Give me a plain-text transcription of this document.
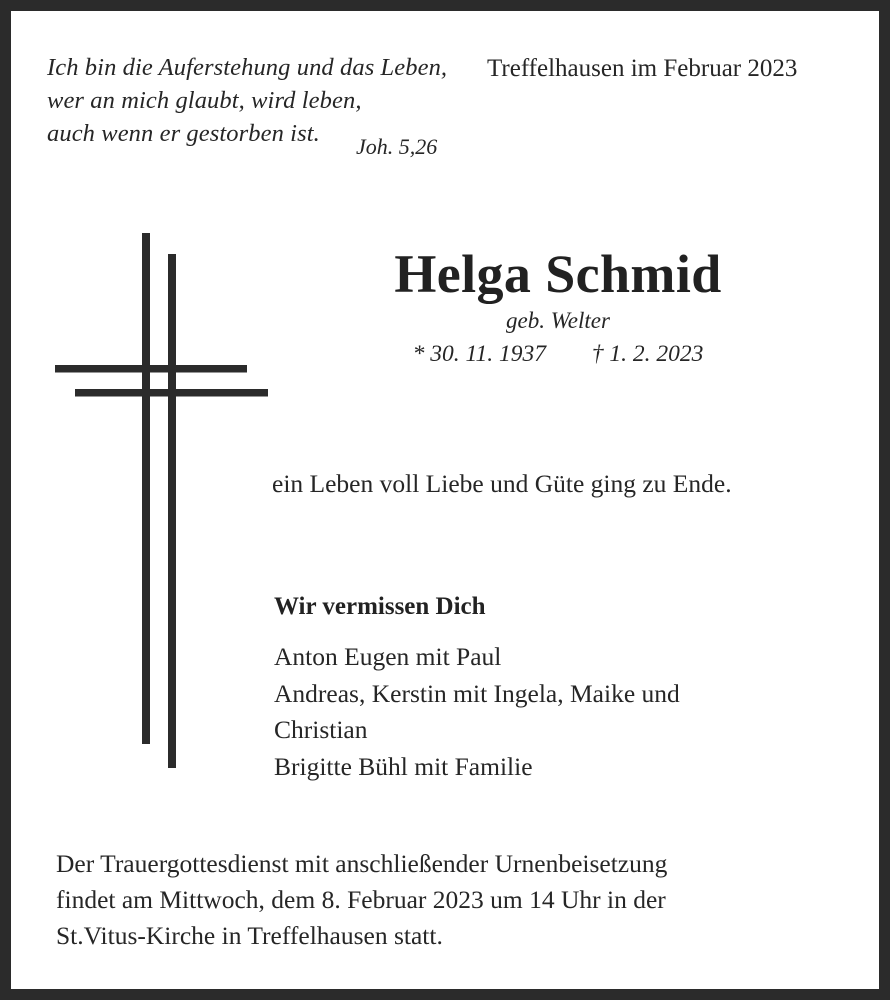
Ich bin die Auferstehung und das Leben,
wer an mich glaubt, wird leben,
auch wenn er gestorben ist.	Joh. 5,26
Treffelhausen im Februar 2023
Helga Schmid
geb. Welter
* 30. 11. 1937 † 1. 2. 2023
ein Leben voll Liebe und Güte ging zu Ende.
Wir vermissen Dich
Anton Eugen mit Paul
Andreas, Kerstin mit Ingela, Maike und
Christian
Brigitte Bühl mit Familie
Der Trauergottesdienst mit anschließender Urnenbeisetzung
findet am Mittwoch, dem 8. Februar 2023 um 14 Uhr in der
St.Vitus-Kirche in Treffelhausen statt.
